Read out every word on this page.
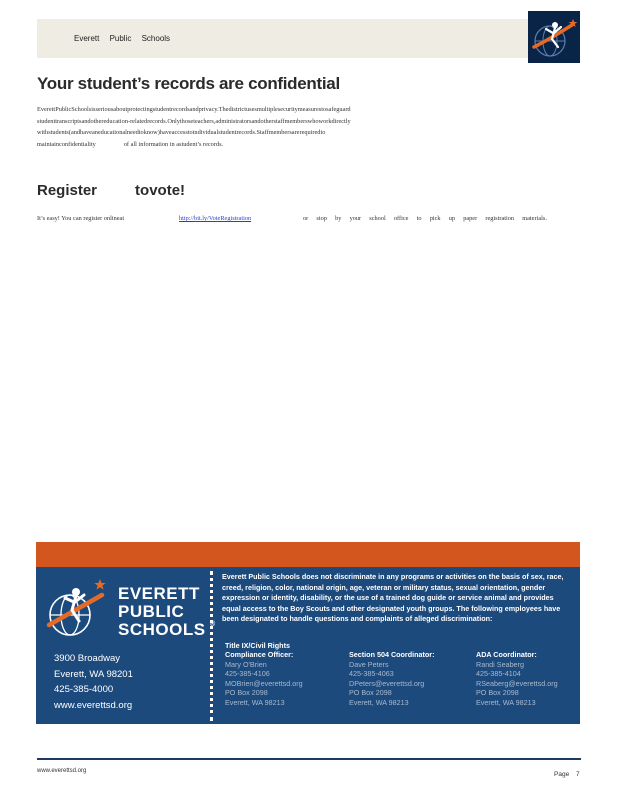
Everett Public Schools
Your student’s records are confidential
EverettPublicSchoolsisseriousaboutprotectingstudentrecordsandprivacy.Thedistrictusesmultiplesecuritymeasurestosafeguard
studenttranscriptsandothereducation-relatedrecords.Onlythoseteachers,administratorsandotherstaffmemberswhoworkdirectly
withstudents(andhaveaneducationalneedtoknow)haveaccesstoindividualstudentrecords.Staffmembersarerequiredto
maintainconfidentiality	of all information in astudent’s records.
Register	tovote!
It’s easy! You can register onlineat	http://bit.ly/VoteRegistration	or stop by your school office to pick up paper registration materials.
EVERETT
PUBLIC
SCHOOLS ®
3900 Broadway
Everett, WA 98201
425-385-4000
www.everettsd.org
Everett Public Schools does not discriminate in any programs or activities on the basis of sex, race, creed, religion, color, national origin, age, veteran or military status, sexual orientation, gender expression or identity, disability, or the use of a trained dog guide or service animal and provides equal access to the Boy Scouts and other designated youth groups. The following employees have been designated to handle questions and complaints of alleged discrimination:
Title IX/Civil Rights
Compliance Officer:
Mary O'Brien
425-385-4106
MOBrien@everettsd.org
PO Box 2098
Everett, WA 98213
Section 504 Coordinator:
Dave Peters
425-385-4063
DPeters@everettsd.org
PO Box 2098
Everett, WA 98213
ADA Coordinator:
Randi Seaberg
425-385-4104
RSeaberg@everettsd.org
PO Box 2098
Everett, WA 98213
www.everettsd.org	Page 7
